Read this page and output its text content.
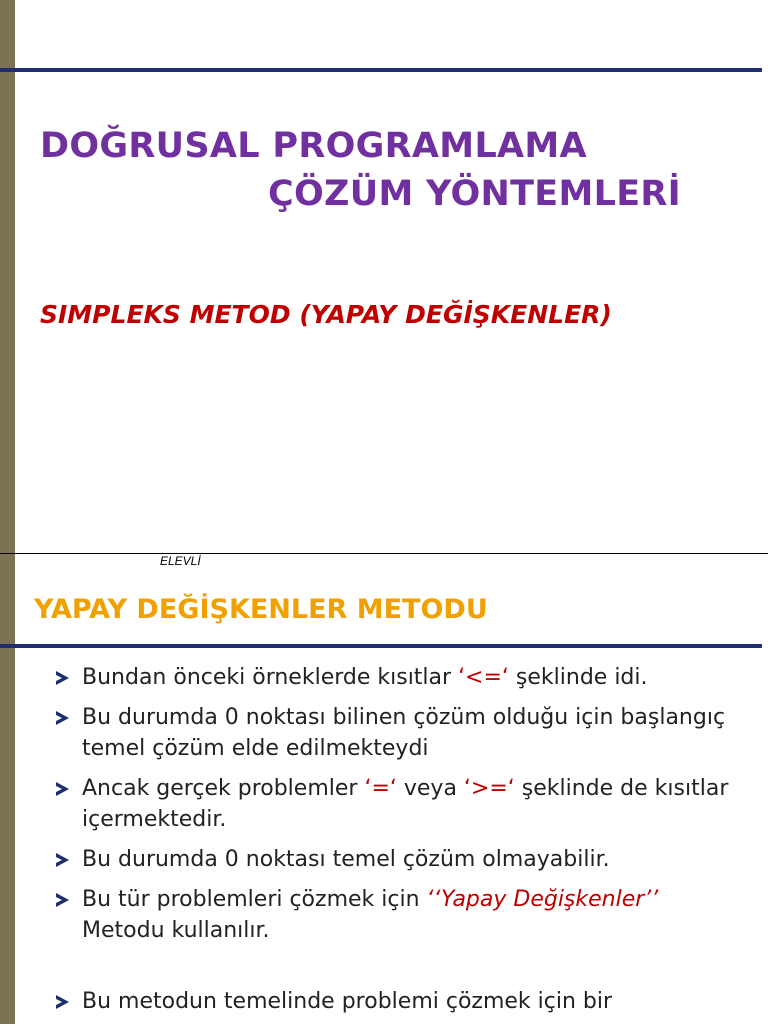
DOĞRUSAL PROGRAMLAMA
ÇÖZÜM YÖNTEMLERİ
SIMPLEKS METOD (YAPAY DEĞİŞKENLER)
ELEVLİ
YAPAY DEĞİŞKENLER METODU
Bundan önceki örneklerde kısıtlar ‘<=‘ şeklinde idi.
Bu durumda 0 noktası bilinen çözüm olduğu için başlangıç temel çözüm elde edilmekteydi
Ancak gerçek problemler ‘=‘ veya ‘>=‘ şeklinde de kısıtlar içermektedir.
Bu durumda 0 noktası temel çözüm olmayabilir.
Bu tür problemleri çözmek için ‘‘Yapay Değişkenler’’ Metodu kullanılır.
Bu metodun temelinde problemi çözmek için bir
